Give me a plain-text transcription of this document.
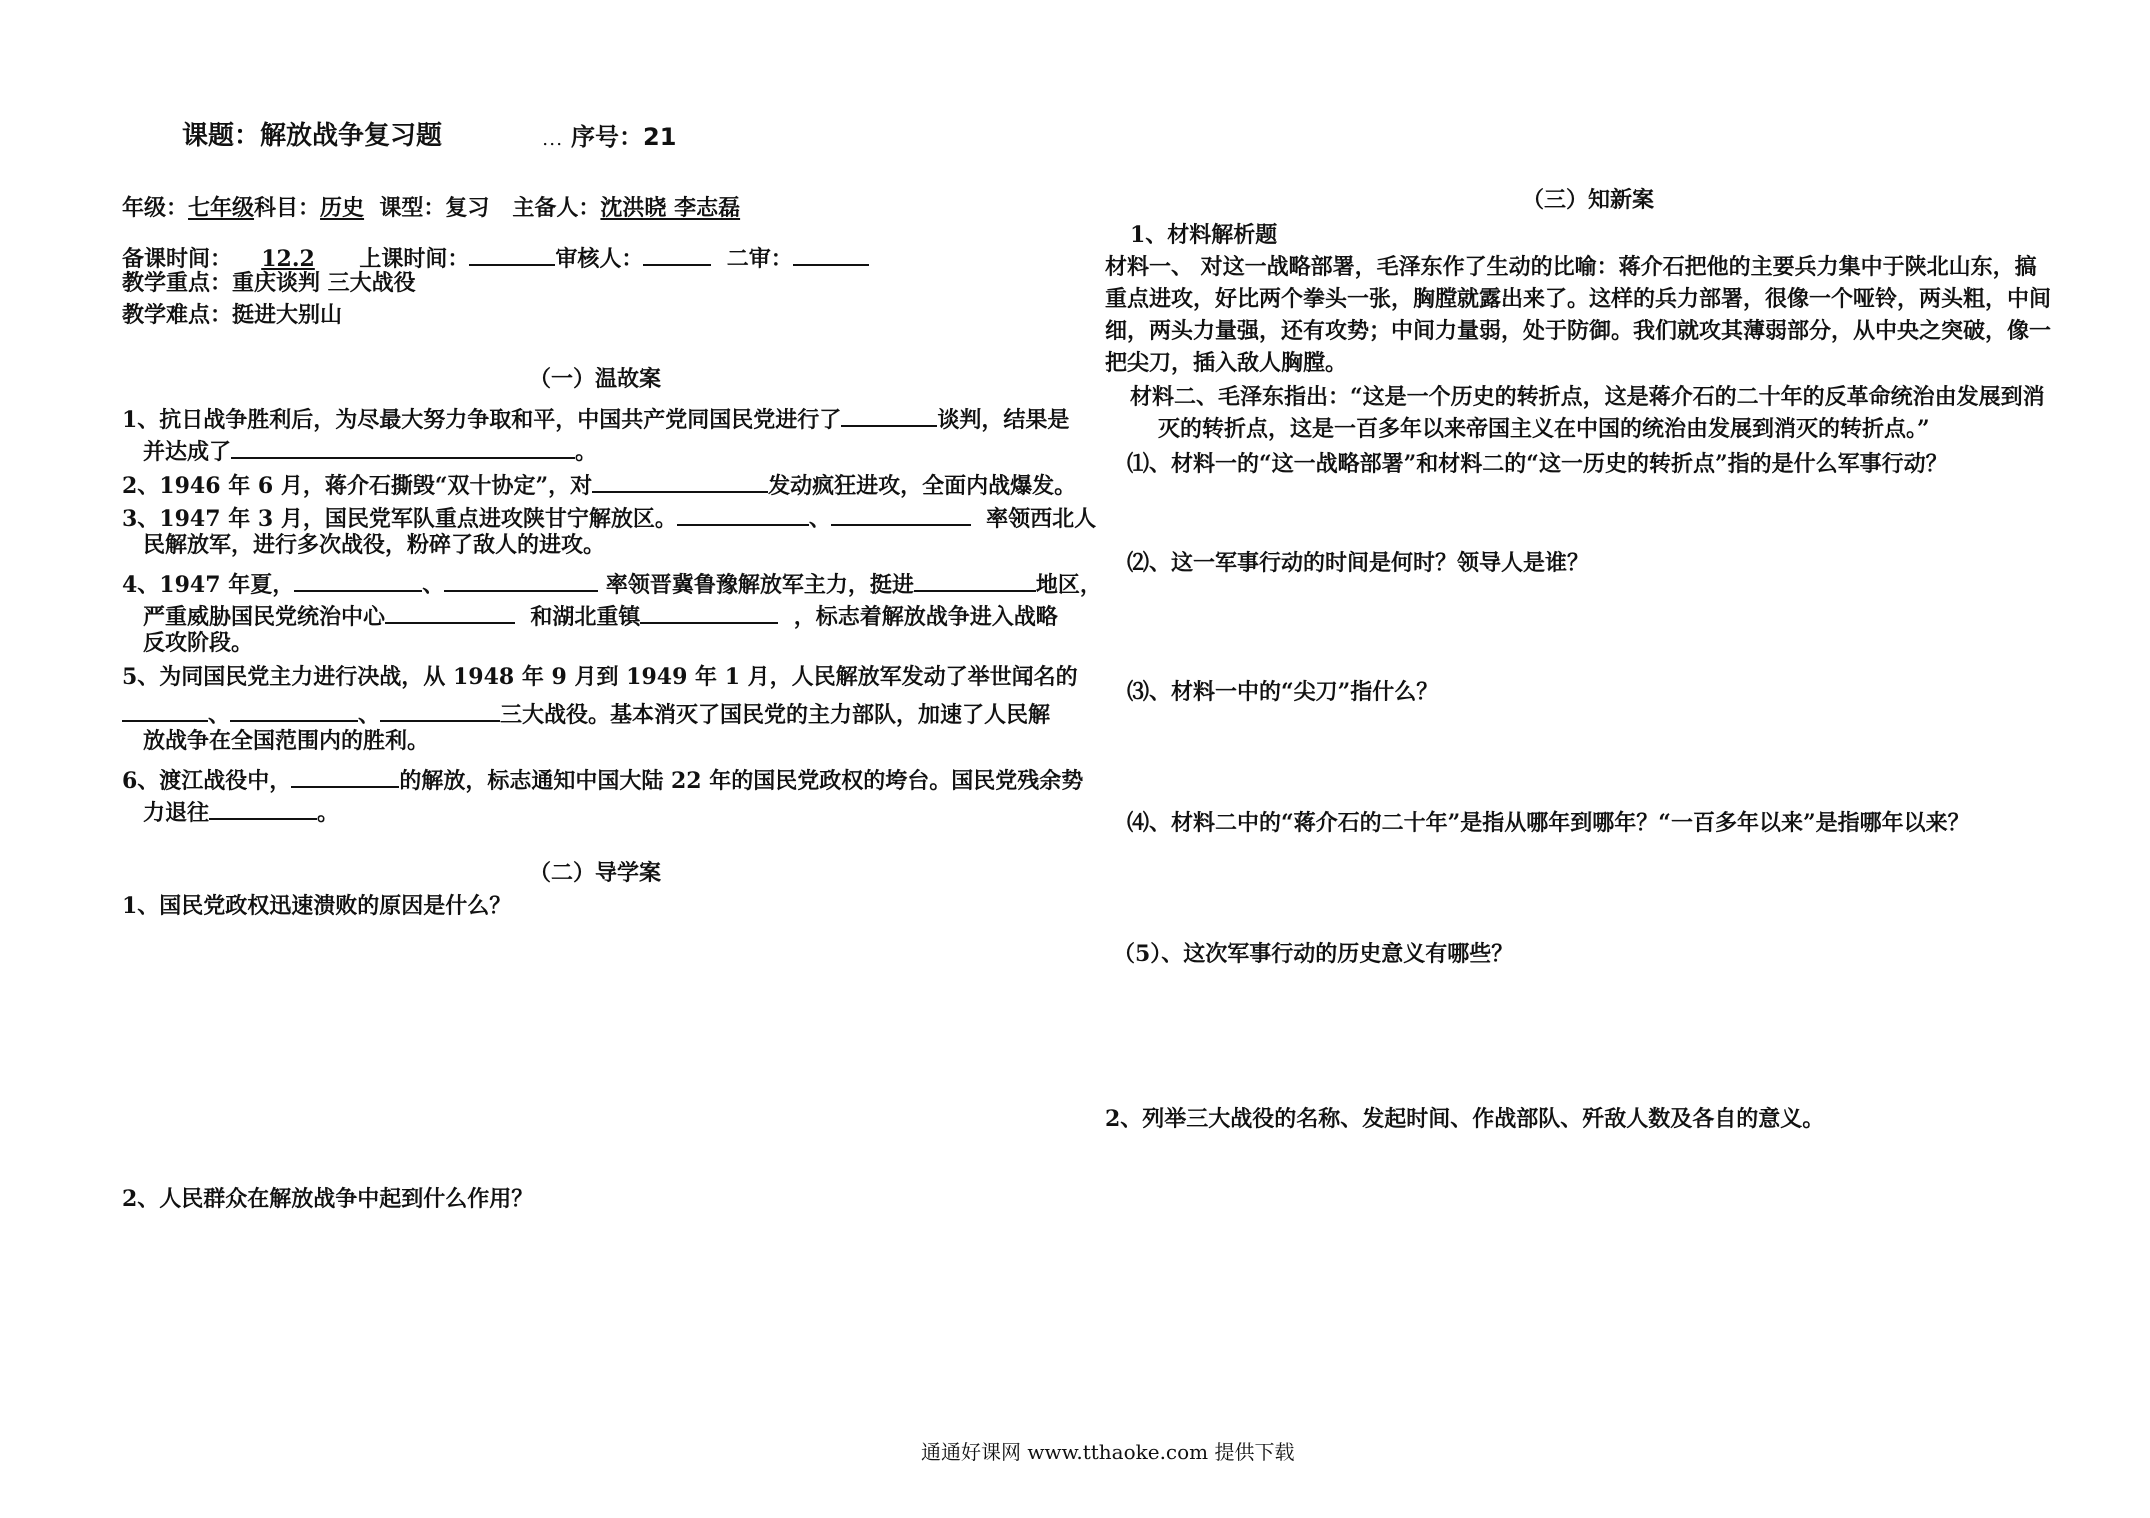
课题：解放战争复习题	．．．序号：21
年级：七年级科目：历史 课型：复习 主备人：沈洪晓 李志磊
备课时间： 12.2 上课时间：	审核人：	二审：
教学重点：重庆谈判 三大战役
教学难点：挺进大别山
（一）温故案
1、抗日战争胜利后，为尽最大努力争取和平，中国共产党同国民党进行了	谈判，结果是
并达成了	。
2、1946 年 6 月，蒋介石撕毁“双十协定”，对	发动疯狂进攻，全面内战爆发。
3、1947 年 3 月，国民党军队重点进攻陕甘宁解放区。	、	率领西北人
民解放军，进行多次战役，粉碎了敌人的进攻。
4、1947 年夏，	、	率领晋冀鲁豫解放军主力，挺进	地区，
严重威胁国民党统治中心	和湖北重镇	，标志着解放战争进入战略
反攻阶段。
5、为同国民党主力进行决战，从 1948 年 9 月到 1949 年 1 月，人民解放军发动了举世闻名的
、	、	三大战役。基本消灭了国民党的主力部队，加速了人民解
放战争在全国范围内的胜利。
6、渡江战役中，	的解放，标志通知中国大陆 22 年的国民党政权的垮台。国民党残余势
力退往	。
（二）导学案
1、国民党政权迅速溃败的原因是什么？
2、人民群众在解放战争中起到什么作用？
（三）知新案
1、材料解析题
材料一、 对这一战略部署，毛泽东作了生动的比喻：蒋介石把他的主要兵力集中于陕北山东，搞
重点进攻，好比两个拳头一张，胸膛就露出来了。这样的兵力部署，很像一个哑铃，两头粗，中间
细，两头力量强，还有攻势；中间力量弱，处于防御。我们就攻其薄弱部分，从中央之突破，像一
把尖刀，插入敌人胸膛。
材料二、毛泽东指出：“这是一个历史的转折点，这是蒋介石的二十年的反革命统治由发展到消
灭的转折点，这是一百多年以来帝国主义在中国的统治由发展到消灭的转折点。”
⑴、材料一的“这一战略部署”和材料二的“这一历史的转折点”指的是什么军事行动？
⑵、这一军事行动的时间是何时？领导人是谁？
⑶、材料一中的“尖刀”指什么？
⑷、材料二中的“蒋介石的二十年”是指从哪年到哪年？“一百多年以来”是指哪年以来？
（5）、这次军事行动的历史意义有哪些？
2、列举三大战役的名称、发起时间、作战部队、歼敌人数及各自的意义。
通通好课网 www.tthaoke.com 提供下载
